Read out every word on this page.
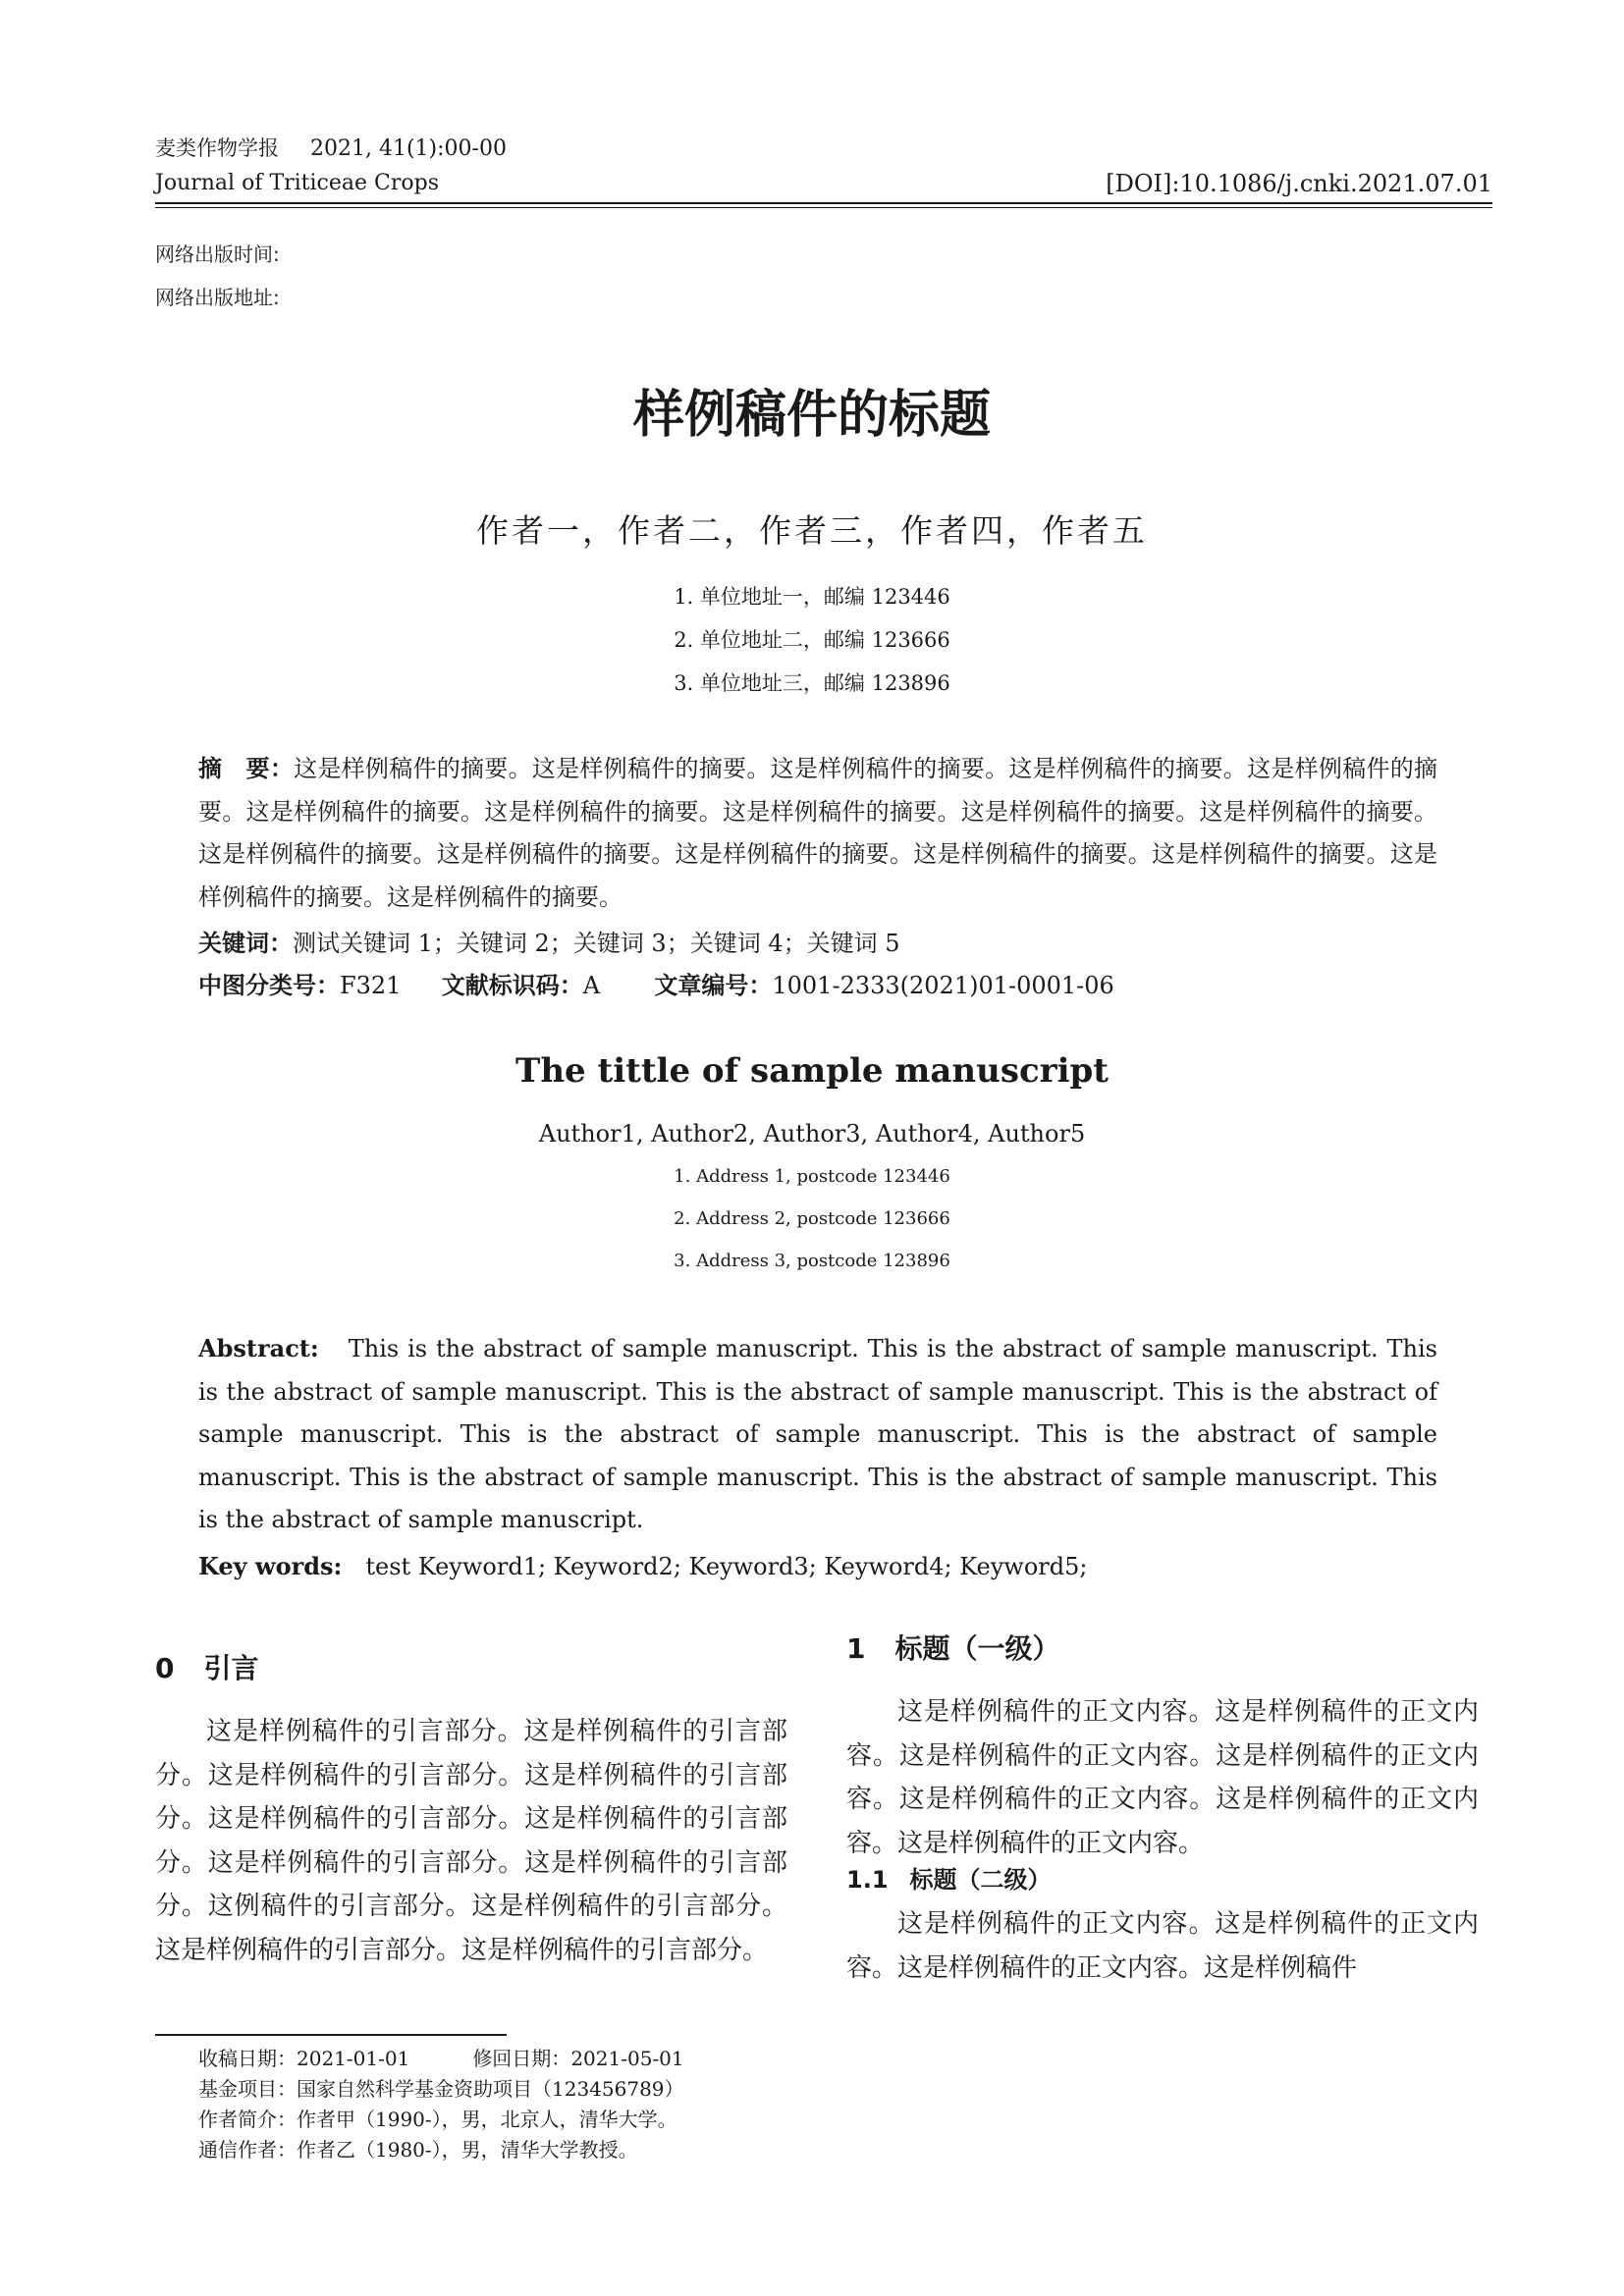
麦类作物学报 2021, 41(1):00-00
Journal of Triticeae Crops	[DOI]:10.1086/j.cnki.2021.07.01
网络出版时间:
网络出版地址:
样例稿件的标题
作者一，作者二，作者三，作者四，作者五
1. 单位地址一，邮编 123446
2. 单位地址二，邮编 123666
3. 单位地址三，邮编 123896
摘　要：这是样例稿件的摘要。这是样例稿件的摘要。这是样例稿件的摘要。这是样例稿件的摘要。这是样例稿件的摘要。这是样例稿件的摘要。这是样例稿件的摘要。这是样例稿件的摘要。这是样例稿件的摘要。这是样例稿件的摘要。这是样例稿件的摘要。这是样例稿件的摘要。这是样例稿件的摘要。这是样例稿件的摘要。这是样例稿件的摘要。这是样例稿件的摘要。这是样例稿件的摘要。
关键词：测试关键词 1；关键词 2；关键词 3；关键词 4；关键词 5
中图分类号：F321 文献标识码：A 文章编号：1001-2333(2021)01-0001-06
The tittle of sample manuscript
Author1, Author2, Author3, Author4, Author5
1. Address 1, postcode 123446
2. Address 2, postcode 123666
3. Address 3, postcode 123896
Abstract: This is the abstract of sample manuscript. This is the abstract of sample manuscript. This is the abstract of sample manuscript. This is the abstract of sample manuscript. This is the abstract of sample manuscript. This is the abstract of sample manuscript. This is the abstract of sample manuscript. This is the abstract of sample manuscript. This is the abstract of sample manuscript. This is the abstract of sample manuscript.
Key words: test Keyword1; Keyword2; Keyword3; Keyword4; Keyword5;
0 引言
这是样例稿件的引言部分。这是样例稿件的引言部分。这是样例稿件的引言部分。这是样例稿件的引言部分。这是样例稿件的引言部分。这是样例稿件的引言部分。这是样例稿件的引言部分。这是样例稿件的引言部分。这例稿件的引言部分。这是样例稿件的引言部分。这是样例稿件的引言部分。这是样例稿件的引言部分。
1 标题（一级）
这是样例稿件的正文内容。这是样例稿件的正文内容。这是样例稿件的正文内容。这是样例稿件的正文内容。这是样例稿件的正文内容。这是样例稿件的正文内容。这是样例稿件的正文内容。
1.1 标题（二级）
这是样例稿件的正文内容。这是样例稿件的正文内容。这是样例稿件的正文内容。这是样例稿件
收稿日期：2021-01-01	修回日期：2021-05-01
基金项目：国家自然科学基金资助项目（123456789）
作者简介：作者甲（1990-），男，北京人，清华大学。
通信作者：作者乙（1980-），男，清华大学教授。
